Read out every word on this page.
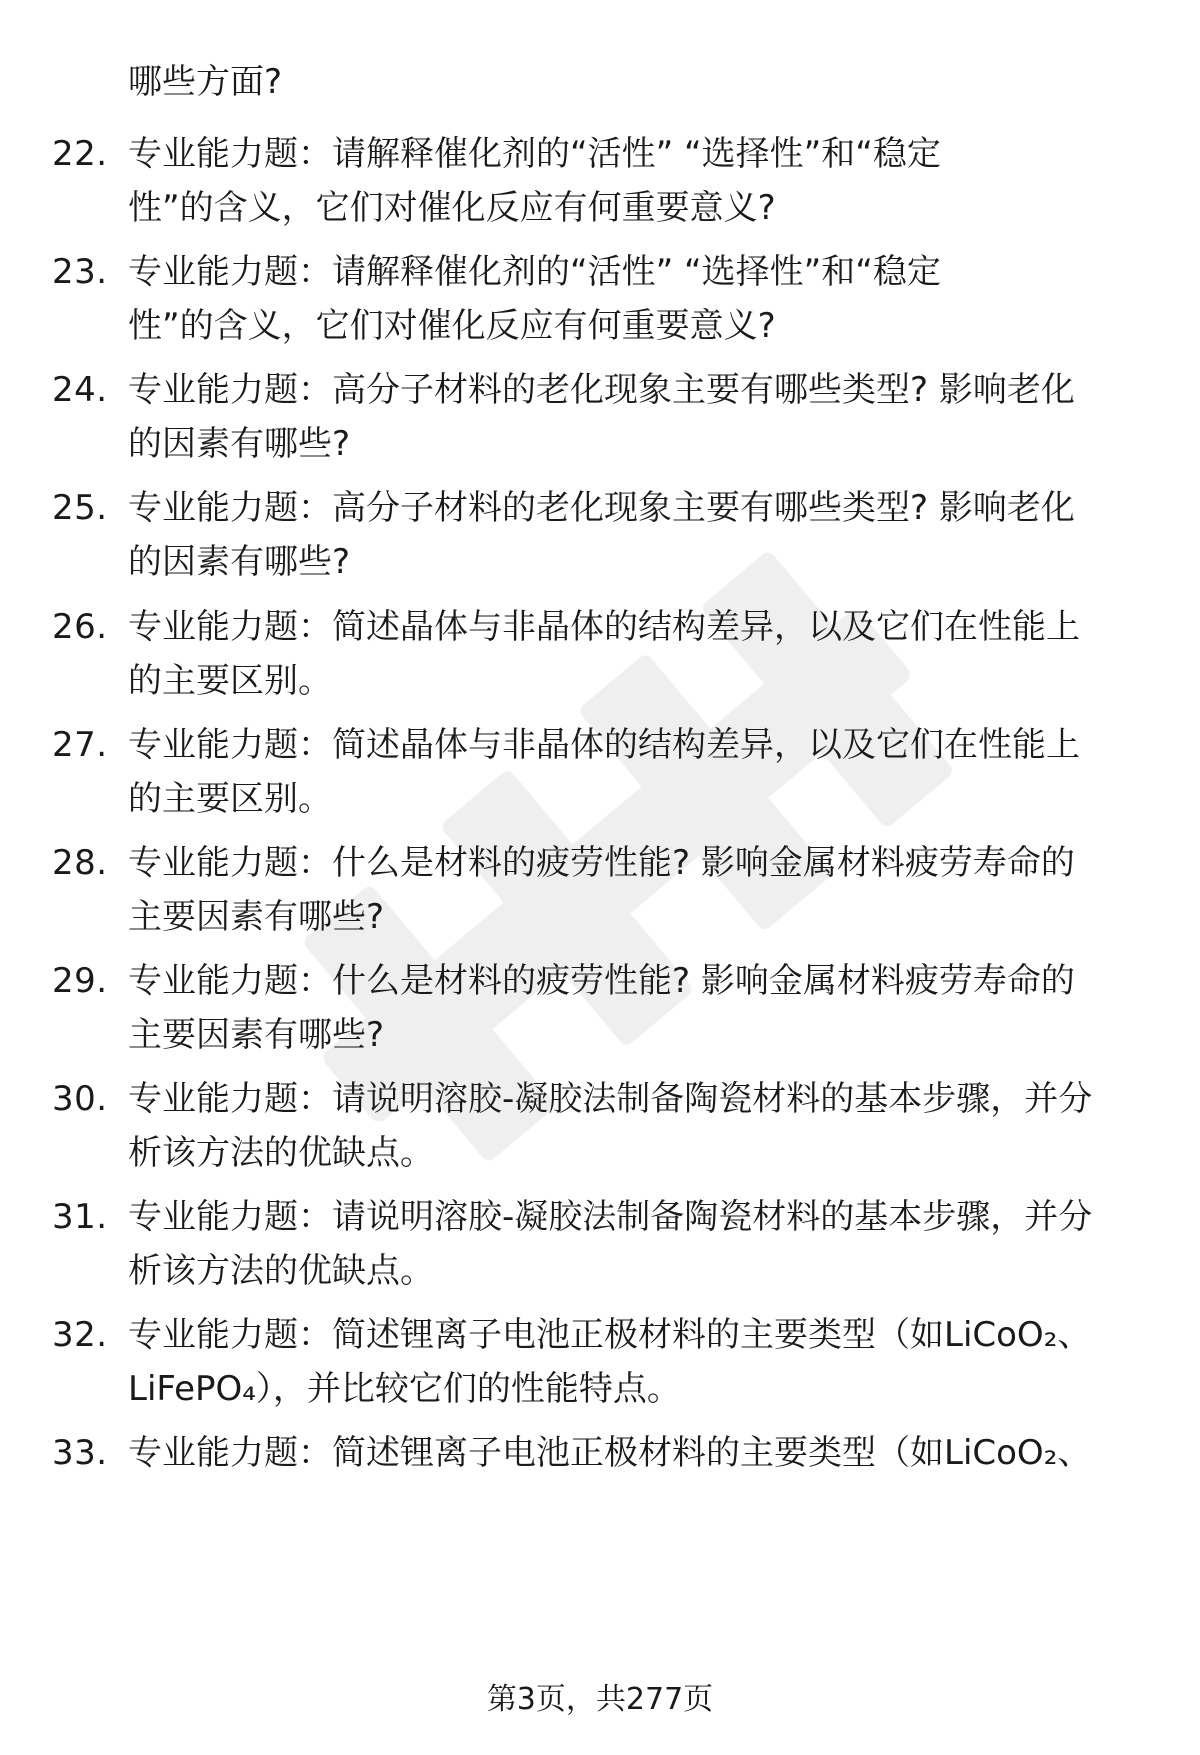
哪些方面?
22. 专业能力题：请解释催化剂的“活性” “选择性”和“稳定
性”的含义，它们对催化反应有何重要意义?
23. 专业能力题：请解释催化剂的“活性” “选择性”和“稳定
性”的含义，它们对催化反应有何重要意义?
24. 专业能力题：高分子材料的老化现象主要有哪些类型? 影响老化
的因素有哪些?
25. 专业能力题：高分子材料的老化现象主要有哪些类型? 影响老化
的因素有哪些?
26. 专业能力题：简述晶体与非晶体的结构差异，以及它们在性能上
的主要区别。
27. 专业能力题：简述晶体与非晶体的结构差异，以及它们在性能上
的主要区别。
28. 专业能力题：什么是材料的疲劳性能? 影响金属材料疲劳寿命的
主要因素有哪些?
29. 专业能力题：什么是材料的疲劳性能? 影响金属材料疲劳寿命的
主要因素有哪些?
30. 专业能力题：请说明溶胶-凝胶法制备陶瓷材料的基本步骤，并分
析该方法的优缺点。
31. 专业能力题：请说明溶胶-凝胶法制备陶瓷材料的基本步骤，并分
析该方法的优缺点。
32. 专业能力题：简述锂离子电池正极材料的主要类型（如LiCoO₂、
LiFePO₄），并比较它们的性能特点。
33. 专业能力题：简述锂离子电池正极材料的主要类型（如LiCoO₂、
第3页，共277页
